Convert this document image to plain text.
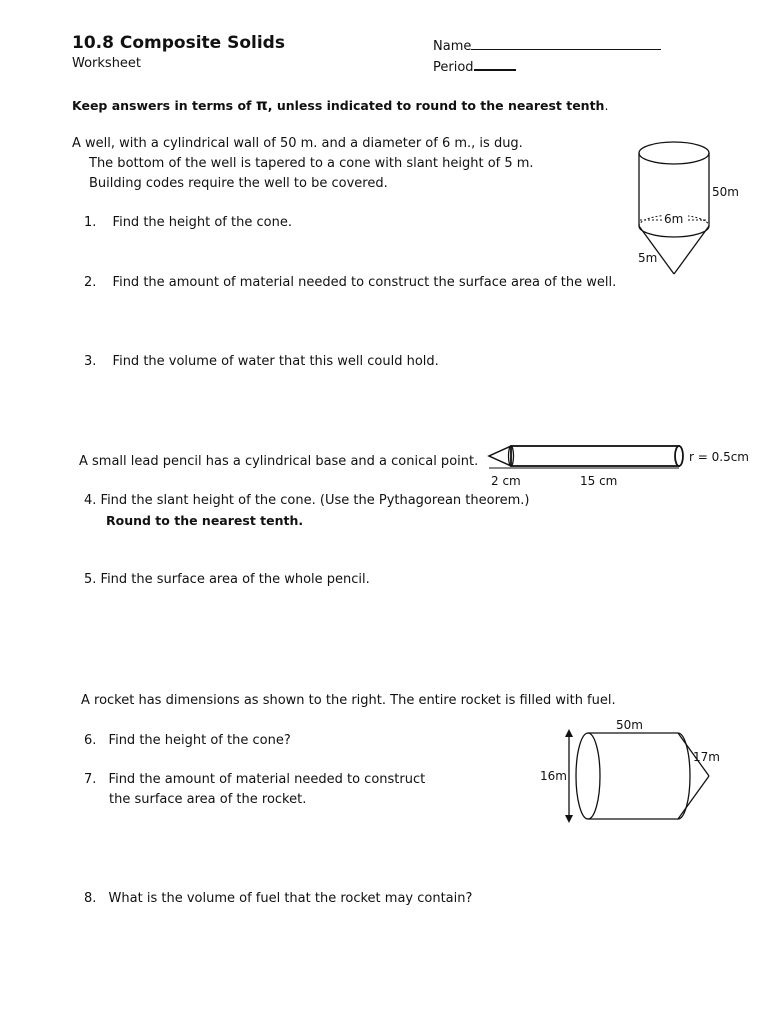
10.8 Composite Solids
Worksheet
Name
Period
Keep answers in terms of π, unless indicated to round to the nearest tenth.
A well, with a cylindrical wall of 50 m. and a diameter of 6 m., is dug.
The bottom of the well is tapered to a cone with slant height of 5 m.
Building codes require the well to be covered.
1. Find the height of the cone.
2. Find the amount of material needed to construct the surface area of the well.
3. Find the volume of water that this well could hold.
6m
50m
5m
A small lead pencil has a cylindrical base and a conical point.
4. Find the slant height of the cone. (Use the Pythagorean theorem.)
Round to the nearest tenth.
5. Find the surface area of the whole pencil.
2 cm	15 cm
r = 0.5cm
A rocket has dimensions as shown to the right. The entire rocket is filled with fuel.
6. Find the height of the cone?
7. Find the amount of material needed to construct
the surface area of the rocket.
8. What is the volume of fuel that the rocket may contain?
50m
17m
16m
